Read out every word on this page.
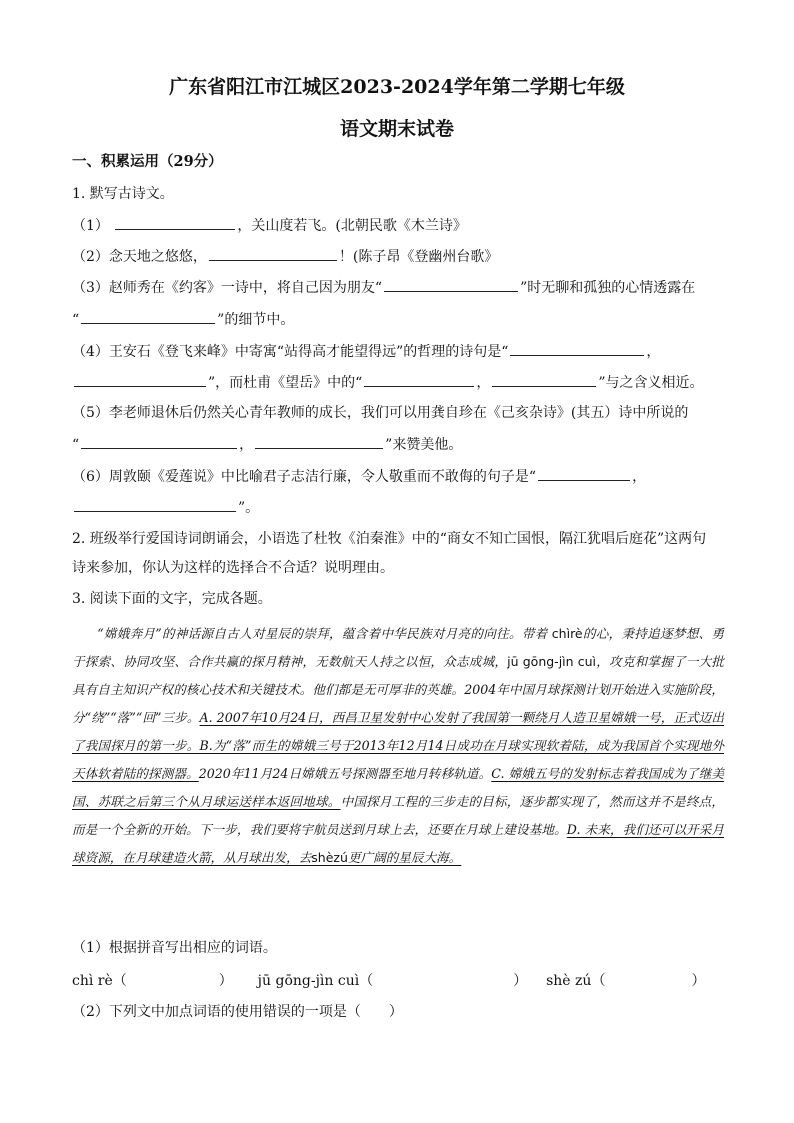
广东省阳江市江城区2023-2024学年第二学期七年级
语文期末试卷
一、积累运用（29分）
1. 默写古诗文。
（1）	，关山度若飞。(北朝民歌《木兰诗》
（2）念天地之悠悠，	！(陈子昂《登幽州台歌》
（3）赵师秀在《约客》一诗中，将自己因为朋友“	”时无聊和孤独的心情透露在
“	”的细节中。
（4）王安石《登飞来峰》中寄寓“站得高才能望得远”的哲理的诗句是“	，
”，而杜甫《望岳》中的“	，	”与之含义相近。
（5）李老师退休后仍然关心青年教师的成长，我们可以用龚自珍在《己亥杂诗》(其五）诗中所说的
“	，	”来赞美他。
（6）周敦颐《爱莲说》中比喻君子志洁行廉，令人敬重而不敢侮的句子是“	，
”。
2. 班级举行爱国诗词朗诵会，小语选了杜牧《泊秦淮》中的“商女不知亡国恨，隔江犹唱后庭花”这两句
诗来参加，你认为这样的选择合不合适？说明理由。
3. 阅读下面的文字，完成各题。

“嫦娥奔月”的神话源自古人对星辰的崇拜，蕴含着中华民族对月亮的向往。带着 chìrè的心，秉持追逐梦想、勇于探索、协同攻坚、合作共赢的探月精神，无数航天人持之以恒，众志成城，jū gōng-jìn cuì，攻克和掌握了一大批具有自主知识产权的核心技术和关键技术。他们都是无可厚非的英雄。2004年中国月球探测计划开始进入实施阶段，分“绕”“落”“回”三步。A. 2007年10月24日，西昌卫星发射中心发射了我国第一颗绕月人造卫星嫦娥一号，正式迈出了我国探月的第一步。B.为“落”而生的嫦娥三号于2013年12月14日成功在月球实现软着陆，成为我国首个实现地外天体软着陆的探测器。2020年11月24日嫦娥五号探测器至地月转移轨道。C. 嫦娥五号的发射标志着我国成为了继美国、苏联之后第三个从月球运送样本返回地球。中国探月工程的三步走的目标，逐步都实现了，然而这并不是终点，而是一个全新的开始。下一步，我们要将宇航员送到月球上去，还要在月球上建设基地。D. 未来，我们还可以开采月球资源，在月球建造火箭，从月球出发，去shèzú更广阔的星辰大海。

（1）根据拼音写出相应的词语。
chì rè（	） jū gōng-jìn cuì（	） shè zú（	）
（2）下列文中加点词语的使用错误的一项是（　　）
